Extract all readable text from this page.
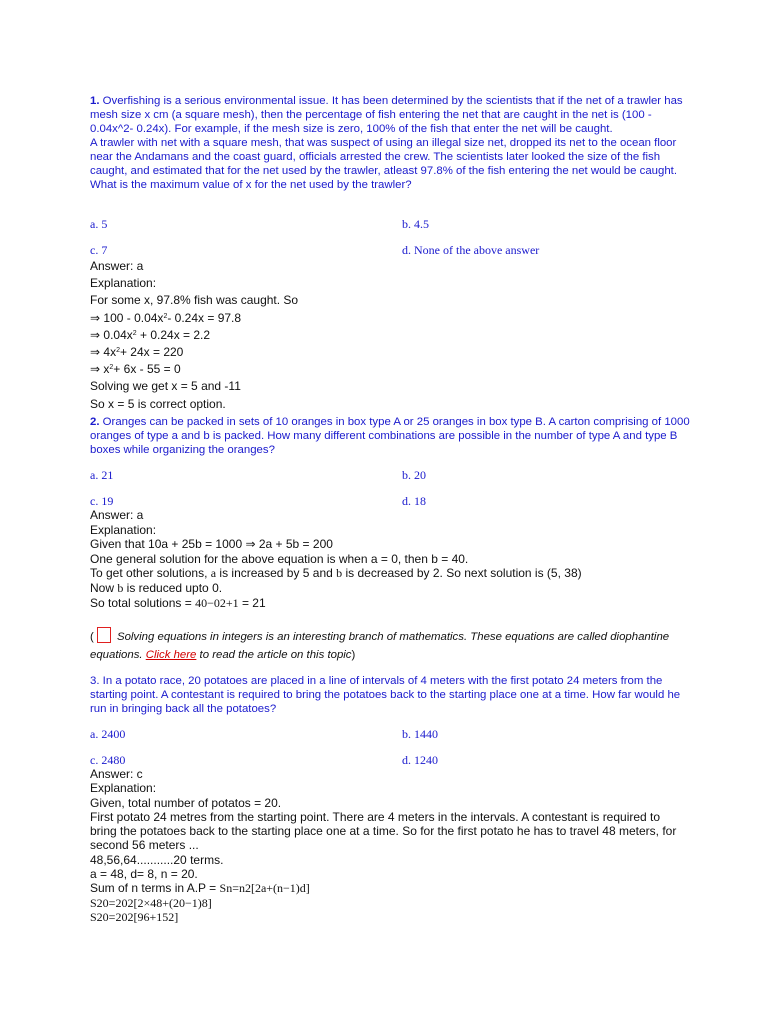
1. Overfishing is a serious environmental issue. It has been determined by the scientists that if the net of a trawler has mesh size x cm (a square mesh), then the percentage of fish entering the net that are caught in the net is (100 - 0.04x^2- 0.24x). For example, if the mesh size is zero, 100% of the fish that enter the net will be caught.
A trawler with net with a square mesh, that was suspect of using an illegal size net, dropped its net to the ocean floor near the Andamans and the coast guard, officials arrested the crew. The scientists later looked the size of the fish caught, and estimated that for the net used by the trawler, atleast 97.8% of the fish entering the net would be caught. What is the maximum value of x for the net used by the trawler?
a. 5	b. 4.5
c. 7	d. None of the above answer
Answer: a
Explanation:
For some x, 97.8% fish was caught. So
⇒ $100 - 0.04x^2-$ 0.24x = 97.8
⇒ $0.04x^2 + 0.24x = 2.2$
⇒ $4x^2+ 24x = 220$
⇒ $x^2+ 6x - 55 = 0$
Solving we get x = 5 and -11
So x = 5 is correct option.
2. Oranges can be packed in sets of 10 oranges in box type A or 25 oranges in box type B. A carton comprising of 1000 oranges of type a and b is packed. How many different combinations are possible in the number of type A and type B boxes while organizing the oranges?
a. 21	b. 20
c. 19	d. 18
Answer: a
Explanation:
Given that 10a + 25b = 1000 ⇒ 2a + 5b = 200
One general solution for the above equation is when a = 0, then b = 40.
To get other solutions, a is increased by 5 and b is decreased by 2. So next solution is (5, 38)
Now b is reduced upto 0.
So total solutions = 40−02+1 = 21
( Solving equations in integers is an interesting branch of mathematics. These equations are called diophantine equations. Click here to read the article on this topic)
3. In a potato race, 20 potatoes are placed in a line of intervals of 4 meters with the first potato 24 meters from the starting point. A contestant is required to bring the potatoes back to the starting place one at a time. How far would he run in bringing back all the potatoes?
a. 2400	b. 1440
c. 2480	d. 1240
Answer: c
Explanation:
Given, total number of potatos = 20.
First potato 24 metres from the starting point. There are 4 meters in the intervals. A contestant is required to bring the potatoes back to the starting place one at a time. So for the first potato he has to travel 48 meters, for second 56 meters ...
48,56,64...........20 terms.
a = 48, d= 8, n = 20.
Sum of n terms in A.P = Sn=n2[2a+(n−1)d]
S20=202[2×48+(20−1)8]
S20=202[96+152]
